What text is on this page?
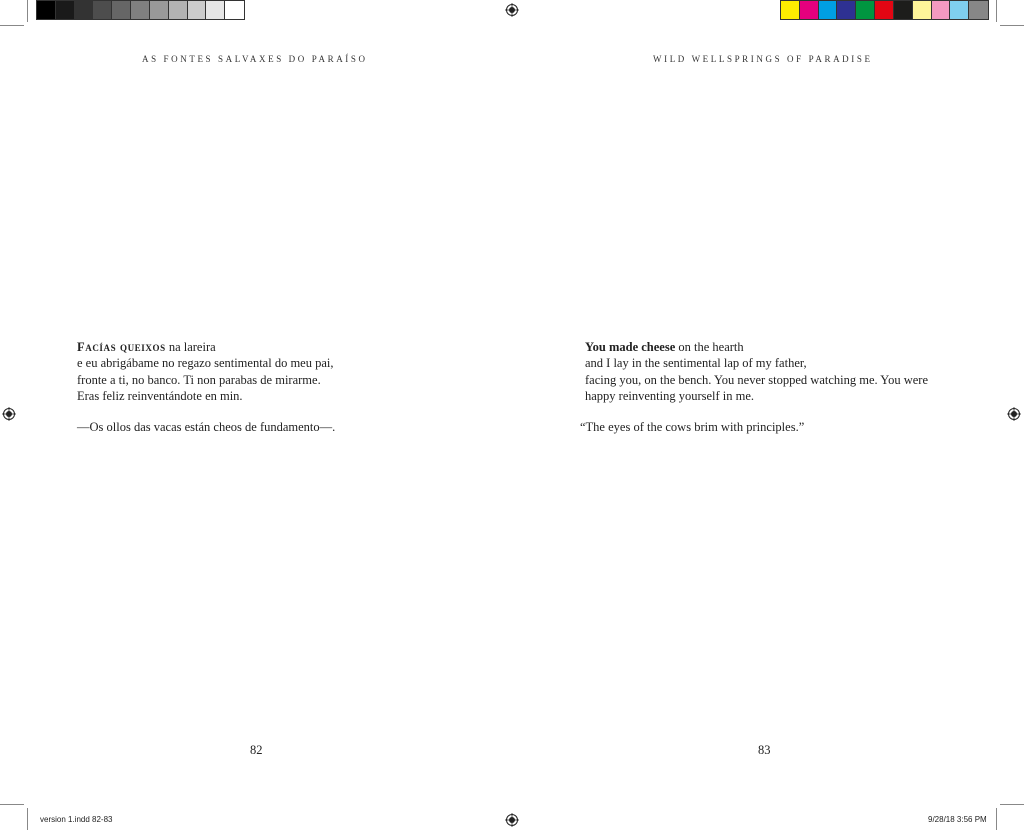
AS FONTES SALVAXES DO PARAÍSO	WILD WELLSPRINGS OF PARADISE

Facías queixos na lareira

e eu abrigábame no regazo sentimental do meu pai,

fronte a ti, no banco. Ti non parabas de mirarme.

Eras feliz reinventándote en min.

—Os ollos das vacas están cheos de fundamento—.

You made cheese on the hearth

and I lay in the sentimental lap of my father,

facing you, on the bench. You never stopped watching me. You were

happy reinventing yourself in me.

“The eyes of the cows brim with principles.”
82	83
version 1.indd 82-83	9/28/18 3:56 PM
